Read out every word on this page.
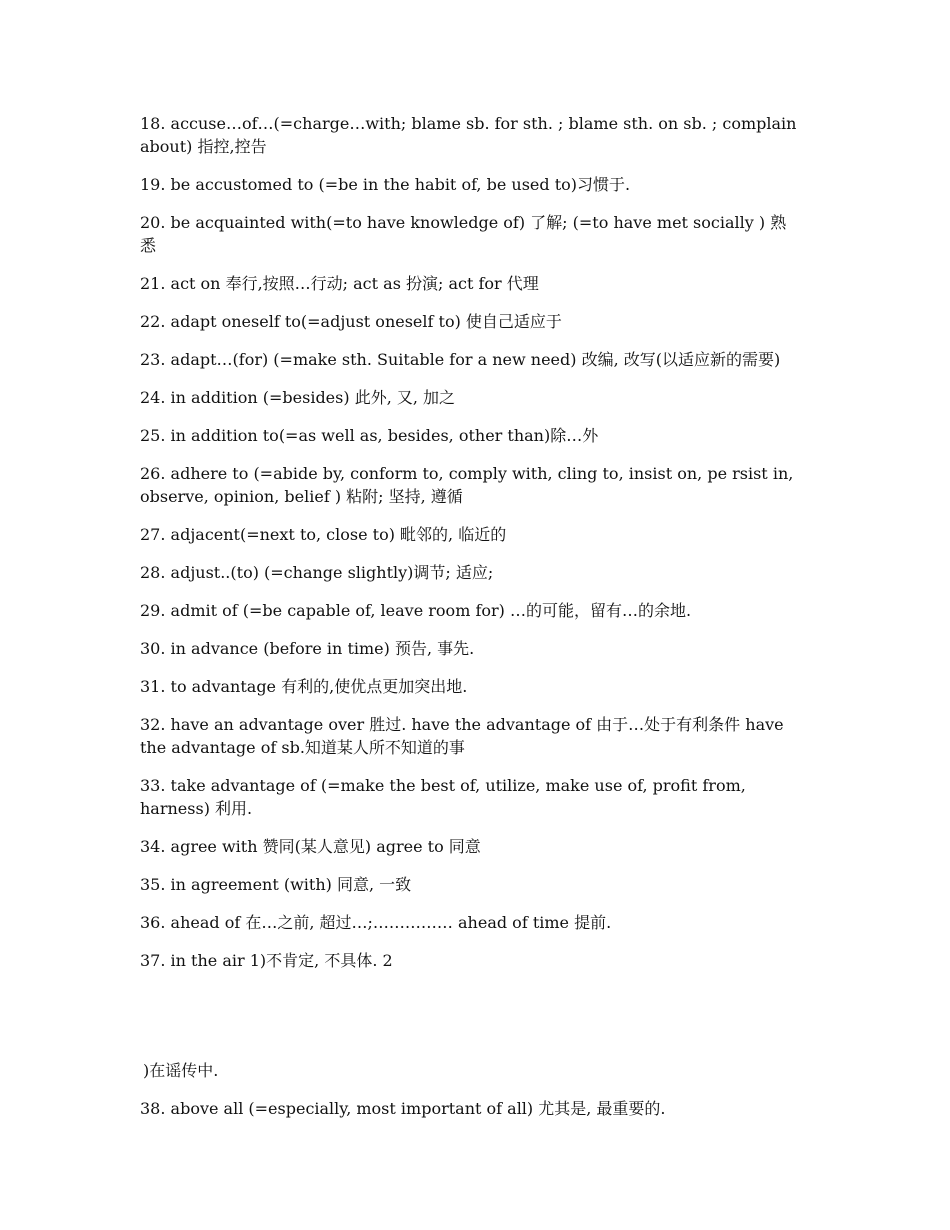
18. accuse…of…(=charge…with; blame sb. for sth. ; blame sth. on sb. ; complain about) 指控,控告

19. be accustomed to (=be in the habit of, be used to)习惯于.

20. be acquainted with(=to have knowledge of) 了解; (=to have met socially ) 熟悉

21. act on 奉行,按照…行动; act as 扮演; act for 代理

22. adapt oneself to(=adjust oneself to) 使自己适应于

23. adapt…(for) (=make sth. Suitable for a new need) 改编, 改写(以适应新的需要)

24. in addition (=besides) 此外, 又, 加之

25. in addition to(=as well as, besides, other than)除…外

26. adhere to (=abide by, conform to, comply with, cling to, insist on, pe rsist in, observe, opinion, belief ) 粘附; 坚持, 遵循

27. adjacent(=next to, close to) 毗邻的, 临近的

28. adjust..(to) (=change slightly)调节; 适应;

29. admit of (=be capable of, leave room for) …的可能，留有…的余地.

30. in advance (before in time) 预告, 事先.

31. to advantage 有利的,使优点更加突出地.

32. have an advantage over 胜过. have the advantage of 由于…处于有利条件 have the advantage of sb.知道某人所不知道的事

33. take advantage of (=make the best of, utilize, make use of, profit from, harness) 利用.

34. agree with 赞同(某人意见) agree to 同意

35. in agreement (with) 同意, 一致

36. ahead of 在…之前, 超过…;…………… ahead of time 提前.

37. in the air 1)不肯定, 不具体. 2

)在谣传中.

38. above all (=especially, most important of all) 尤其是, 最重要的.
